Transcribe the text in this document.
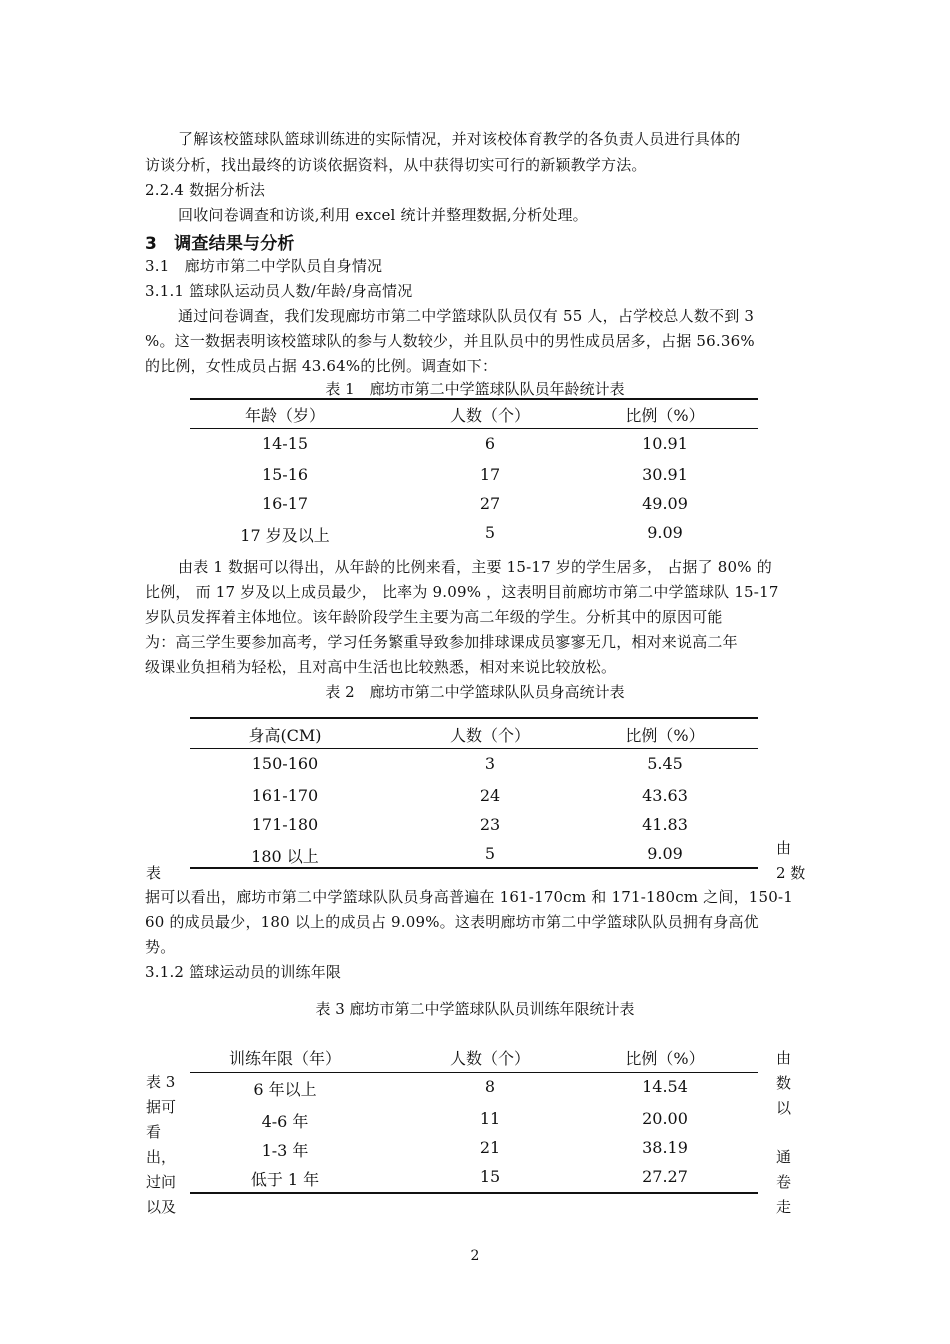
了解该校篮球队篮球训练进的实际情况，并对该校体育教学的各负责人员进行具体的
访谈分析，找出最终的访谈依据资料，从中获得切实可行的新颖教学方法。
2.2.4 数据分析法
回收问卷调查和访谈,利用 excel 统计并整理数据,分析处理。
3　调查结果与分析
3.1　廊坊市第二中学队员自身情况
3.1.1 篮球队运动员人数/年龄/身高情况
通过问卷调查，我们发现廊坊市第二中学篮球队队员仅有 55 人，占学校总人数不到 3
%。这一数据表明该校篮球队的参与人数较少，并且队员中的男性成员居多，占据 56.36%
的比例，女性成员占据 43.64%的比例。调查如下：
表 1　廊坊市第二中学篮球队队员年龄统计表
年龄（岁）	人数（个）	比例（%）
14-15	6	10.91
15-16	17	30.91
16-17	27	49.09
17 岁及以上	5	9.09
由表 1 数据可以得出，从年龄的比例来看，主要 15-17 岁的学生居多， 占据了 80% 的
比例， 而 17 岁及以上成员最少， 比率为 9.09% ，这表明目前廊坊市第二中学篮球队 15-17
岁队员发挥着主体地位。该年龄阶段学生主要为高二年级的学生。分析其中的原因可能
为：高三学生要参加高考，学习任务繁重导致参加排球课成员寥寥无几，相对来说高二年
级课业负担稍为轻松，且对高中生活也比较熟悉，相对来说比较放松。
表 2　廊坊市第二中学篮球队队员身高统计表
身高(CM)	人数（个）	比例（%）
150-160	3	5.45
161-170	24	43.63
171-180	23	41.83
180 以上	5	9.09
表
由
2 数
据可以看出，廊坊市第二中学篮球队队员身高普遍在 161-170cm 和 171-180cm 之间，150-1
60 的成员最少，180 以上的成员占 9.09%。这表明廊坊市第二中学篮球队队员拥有身高优
势。
3.1.2 篮球运动员的训练年限
表 3 廊坊市第二中学篮球队队员训练年限统计表
训练年限（年）	人数（个）	比例（%）
6 年以上	8	14.54
4-6 年	11	20.00
1-3 年	21	38.19
低于 1 年	15	27.27
表 3
据可
看
出，
过问
以及
由
数
以
通
卷
走
2
